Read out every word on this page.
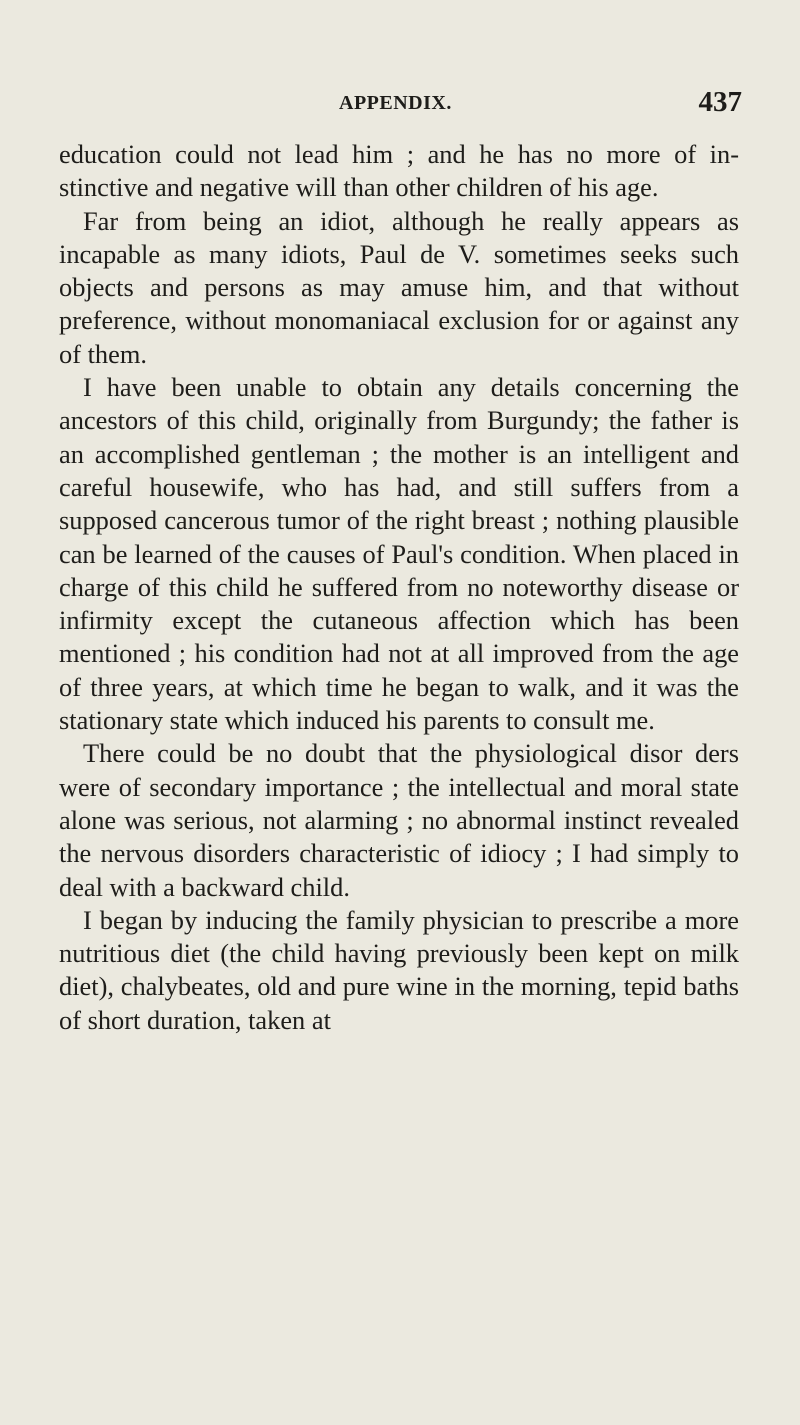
APPENDIX.	437

education could not lead him ; and he has no more of in stinctive and negative will than other children of his age.

Far from being an idiot, although he really appears as incapable as many idiots, Paul de V. sometimes seeks such objects and persons as may amuse him, and that without preference, without monomaniacal exclusion for or against any of them.

I have been unable to obtain any details concerning the ancestors of this child, originally from Burgundy; the father is an accomplished gentleman ; the mother is an intelligent and careful housewife, who has had, and still suffers from a supposed cancerous tumor of the right breast ; nothing plausible can be learned of the causes of Paul's condition. When placed in charge of this child he suffered from no noteworthy disease or infirmity except the cutaneous affection which has been mentioned ; his condition had not at all improved from the age of three years, at which time he began to walk, and it was the stationary state which induced his parents to consult me.

There could be no doubt that the physiological disor ders were of secondary importance ; the intellectual and moral state alone was serious, not alarming ; no abnormal instinct revealed the nervous disorders characteristic of idiocy ; I had simply to deal with a backward child.

I began by inducing the family physician to prescribe a more nutritious diet (the child having previously been kept on milk diet), chalybeates, old and pure wine in the morning, tepid baths of short duration, taken at
